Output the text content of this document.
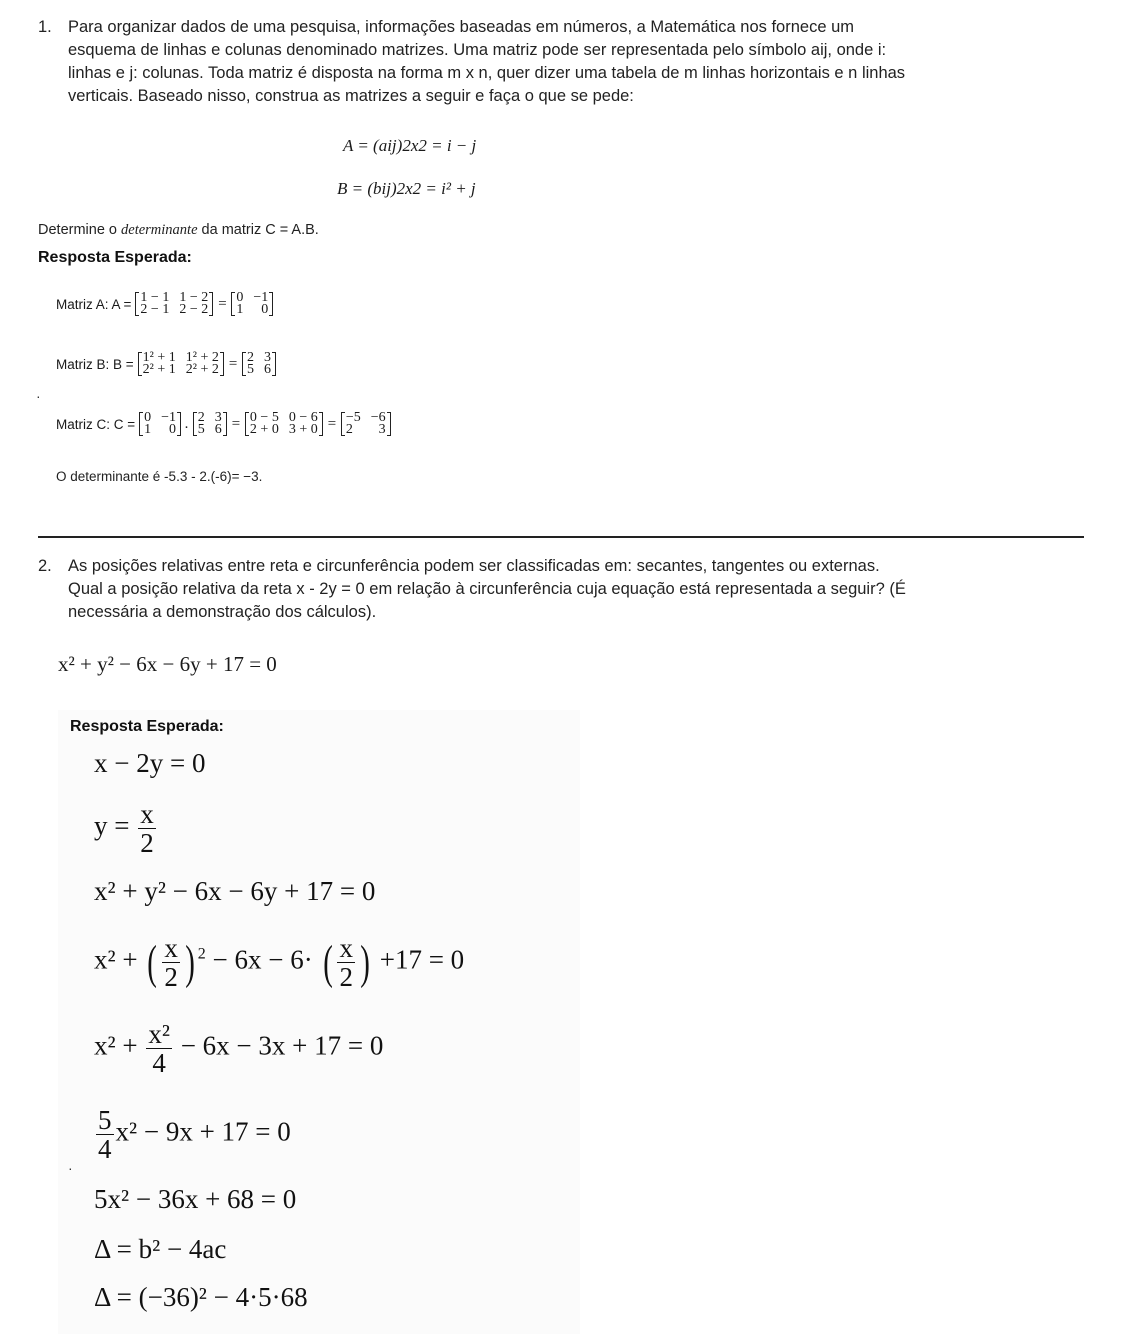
1. Para organizar dados de uma pesquisa, informações baseadas em números, a Matemática nos fornece um

esquema de linhas e colunas denominado matrizes. Uma matriz pode ser representada pelo símbolo aij, onde i:

linhas e j: colunas. Toda matriz é disposta na forma m x n, quer dizer uma tabela de m linhas horizontais e n linhas

verticais. Baseado nisso, construa as matrizes a seguir e faça o que se pede:

A = (aij)2x2 = i − j
B = (bij)2x2 = i² + j
Determine o determinante da matriz C = A.B.
Resposta Esperada:
Matriz A: A = 1 − 1 1 − 2
2 − 1 2 − 2 = 0 −1
1 0
Matriz B: B = 1² + 1 1² + 2
2² + 1 2² + 2 = 2 3
5 6
·
Matriz C: C = 0 −1
1 0 . 2 3
5 6 = 0 − 5 0 − 6
2 + 0 3 + 0 = −5 −6
2 3
O determinante é -5.3 - 2.(-6)= −3.
2. As posições relativas entre reta e circunferência podem ser classificadas em: secantes, tangentes ou externas.

Qual a posição relativa da reta x - 2y = 0 em relação à circunferência cuja equação está representada a seguir? (É

necessária a demonstração dos cálculos).

x² + y² − 6x − 6y + 17 = 0
Resposta Esperada:
x − 2y = 0
$y = \frac{x}{2}$
x² + y² − 6x − 6y + 17 = 0
x² + ( $\frac{x}{2}$ ) $^2$ − 6x − 6· ( $\frac{x}{2}$ ) +17 = 0
$x^2 + \frac{\text{x²}}{4} - 6x - 3x + 17 = 0$
$\frac{5}{4} x^2 - 9x + 17 = 0$
·
5x² − 36x + 68 = 0
Δ = b² − 4ac
Δ = (−36)² − 4·5·68
